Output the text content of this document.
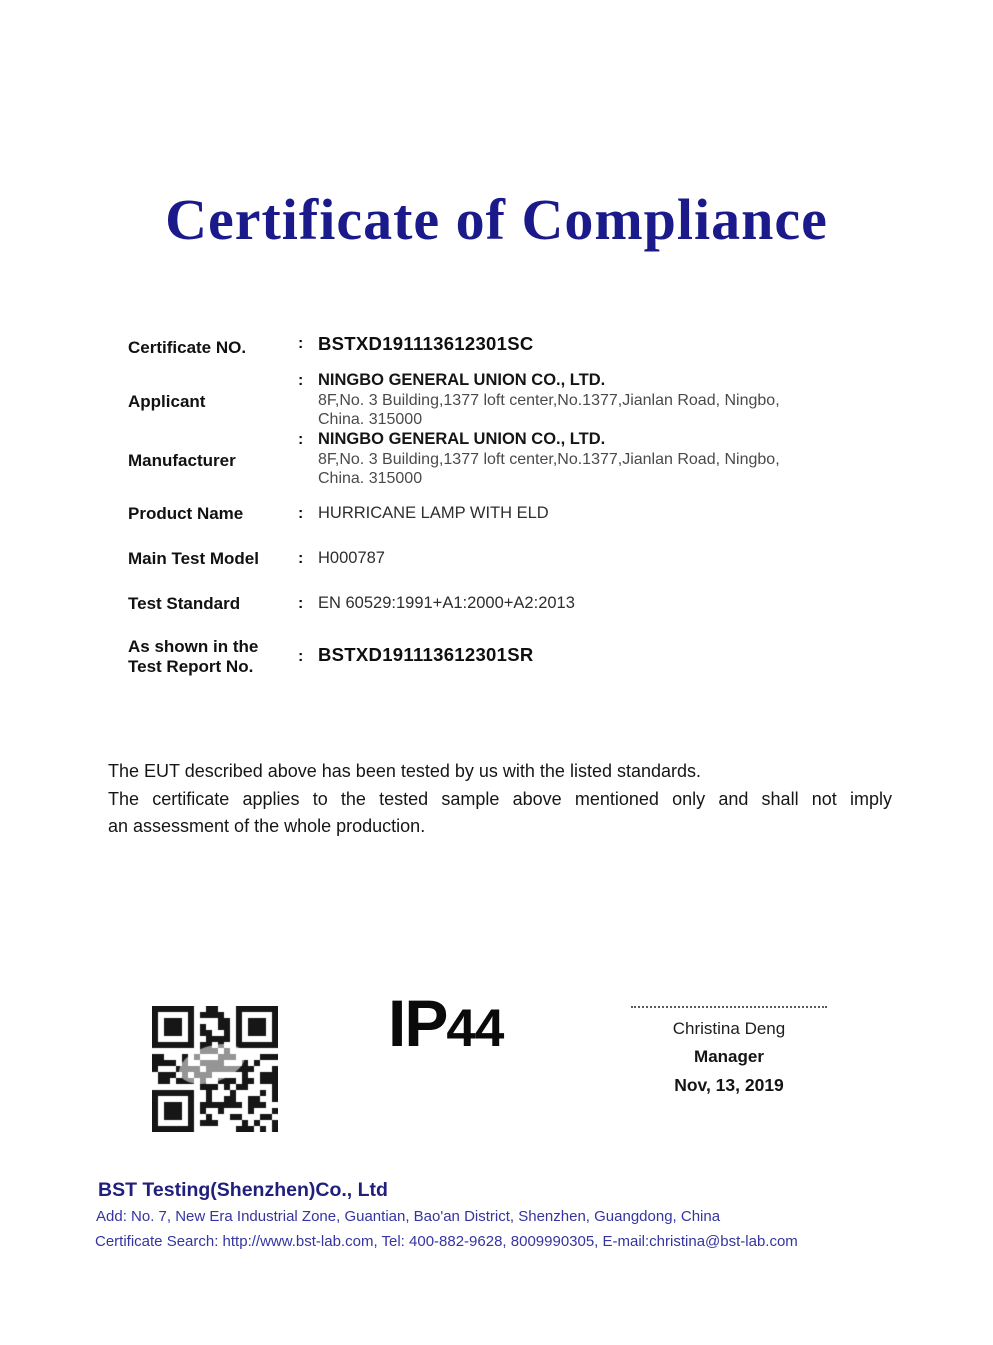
Certificate of Compliance
Certificate NO.	: BSTXD191113612301SC
Applicant
: NINGBO GENERAL UNION CO., LTD.
8F,No. 3 Building,1377 loft center,No.1377,Jianlan Road, Ningbo,
China. 315000
Manufacturer
: NINGBO GENERAL UNION CO., LTD.
8F,No. 3 Building,1377 loft center,No.1377,Jianlan Road, Ningbo,
China. 315000
Product Name	: HURRICANE LAMP WITH ELD
Main Test Model	: H000787
Test Standard	: EN 60529:1991+A1:2000+A2:2013
As shown in the
Test Report No.
: BSTXD191113612301SR
The EUT described above has been tested by us with the listed standards.
The certificate applies to the tested sample above mentioned only and shall not imply
an assessment of the whole production.
IP 44	Christina Deng
Manager
Nov, 13, 2019
BST Testing(Shenzhen)Co., Ltd
Add: No. 7, New Era Industrial Zone, Guantian, Bao'an District, Shenzhen, Guangdong, China
Certificate Search: http://www.bst-lab.com, Tel: 400-882-9628, 8009990305, E-mail:christina@bst-lab.com
